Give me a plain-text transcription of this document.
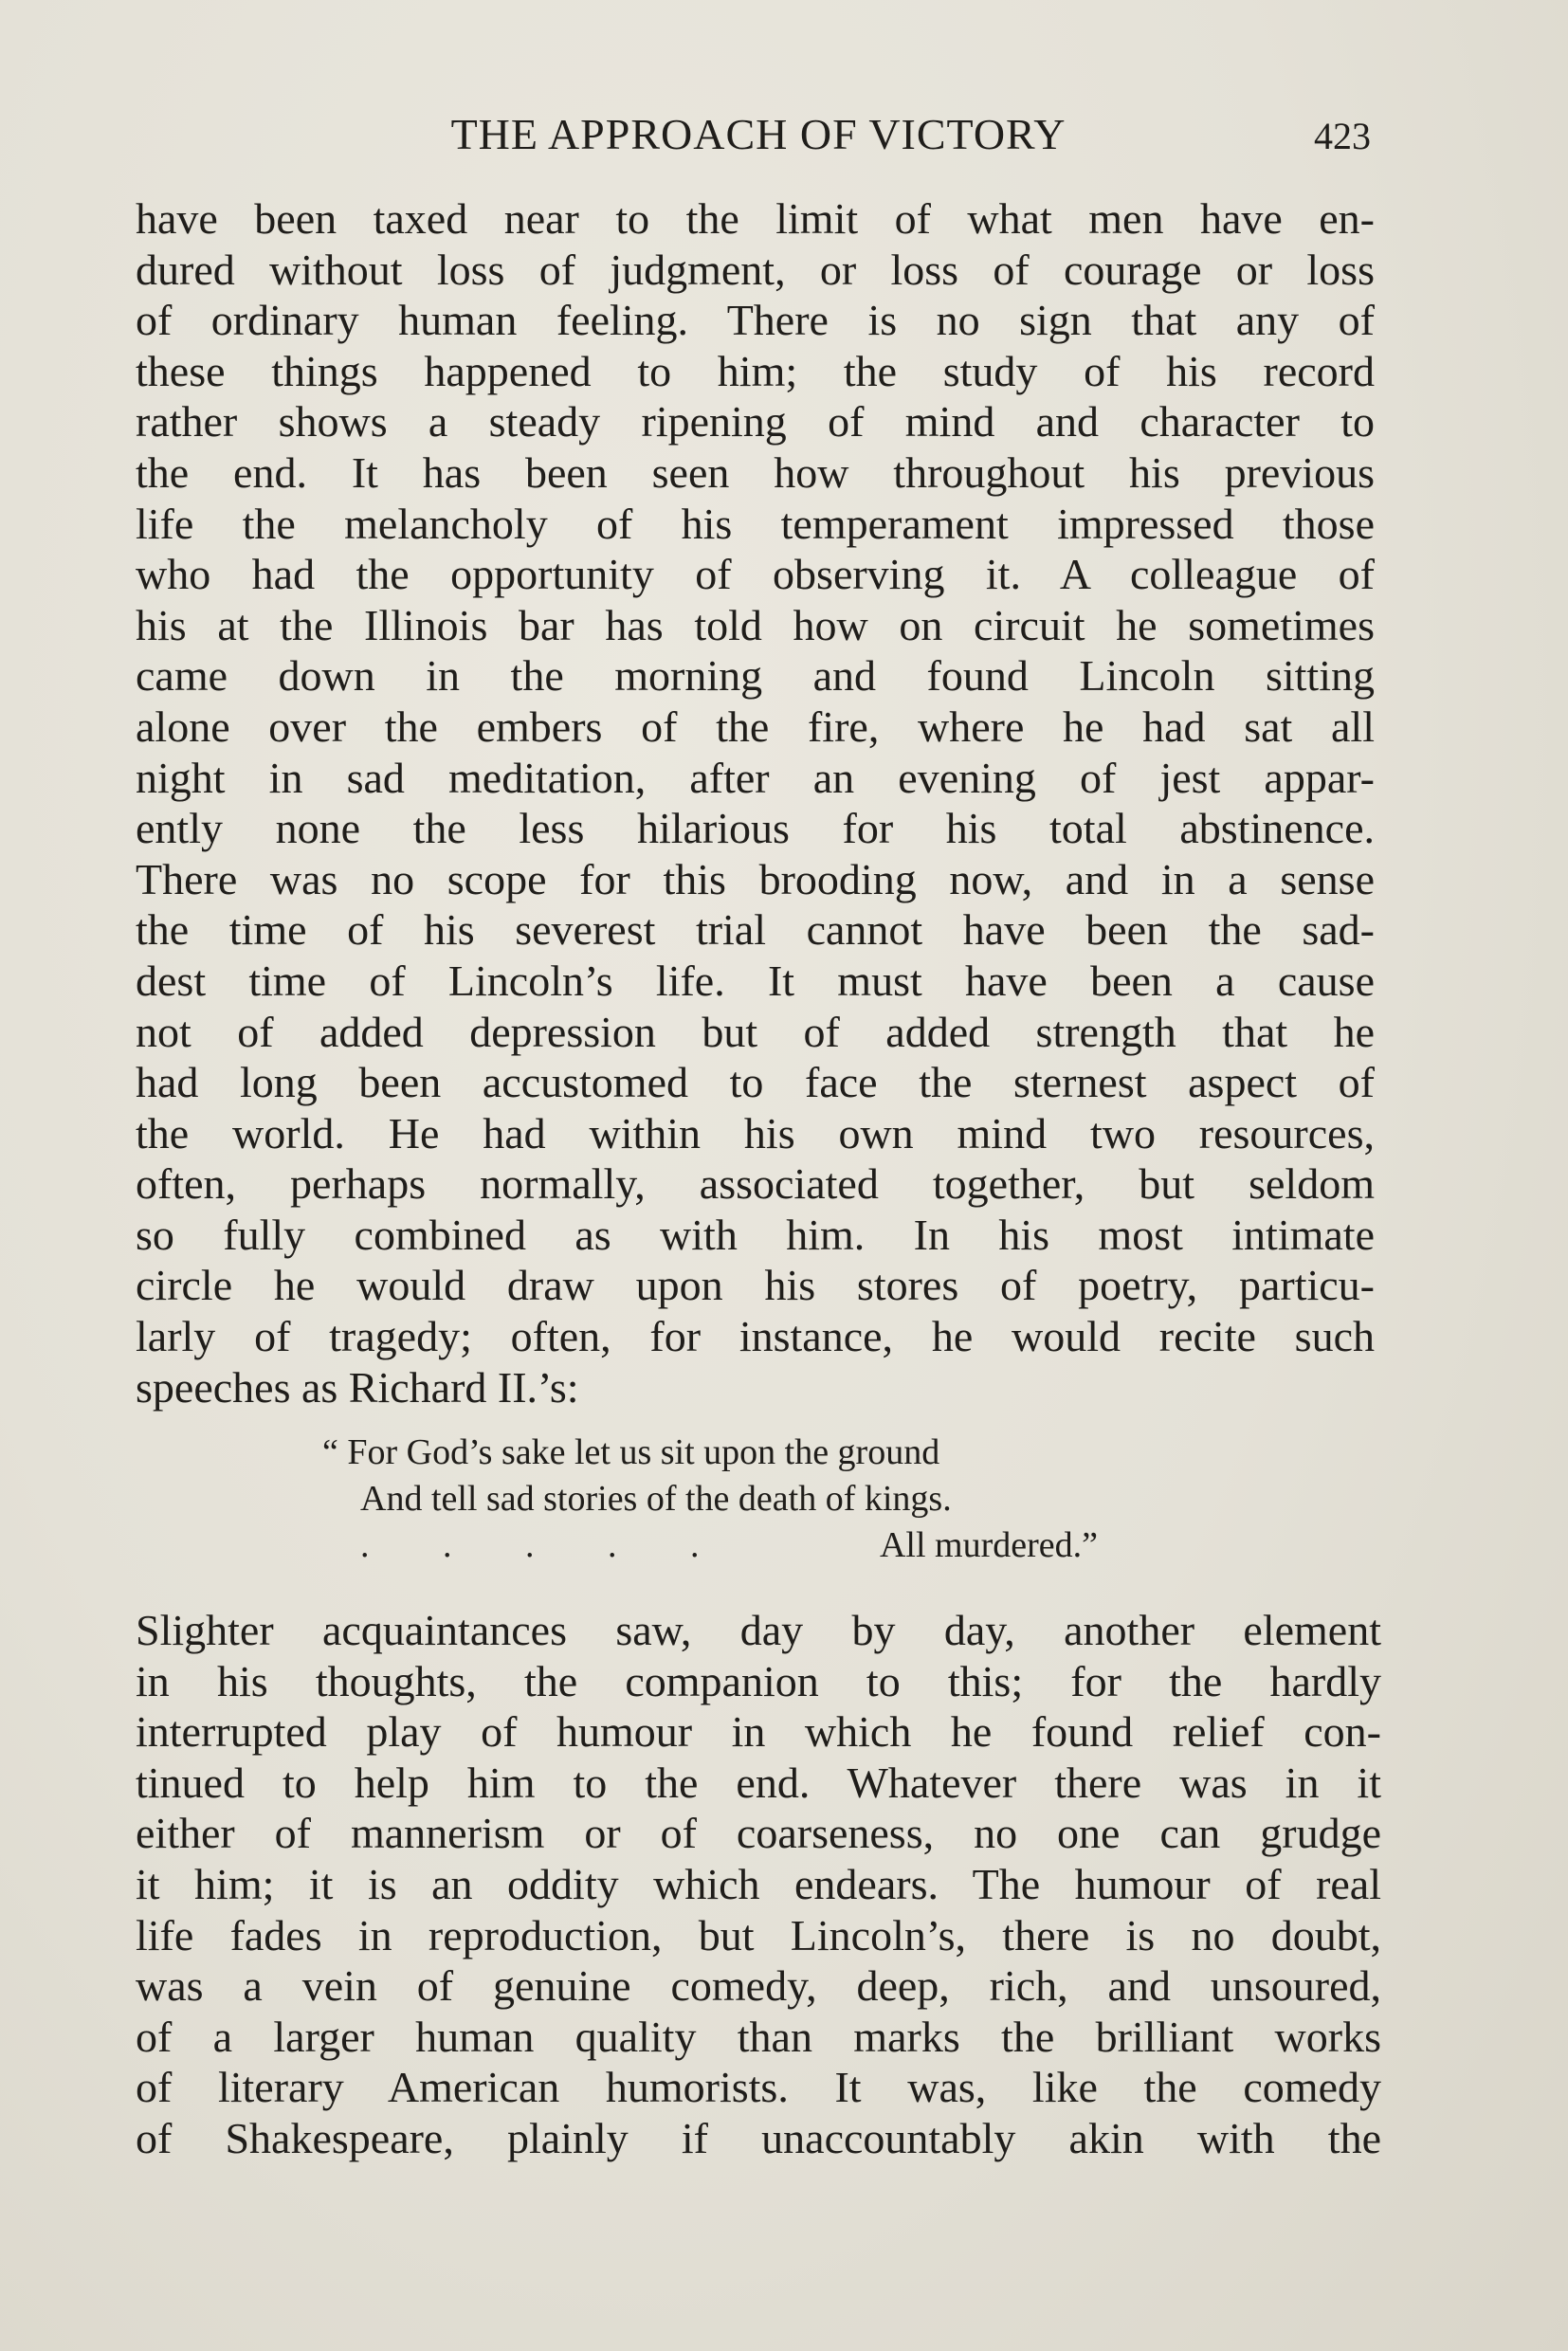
THE APPROACH OF VICTORY	423
have been taxed near to the limit of what men have en-
dured without loss of judgment, or loss of courage or loss
of ordinary human feeling. There is no sign that any of
these things happened to him; the study of his record
rather shows a steady ripening of mind and character to
the end. It has been seen how throughout his previous
life the melancholy of his temperament impressed those
who had the opportunity of observing it. A colleague of
his at the Illinois bar has told how on circuit he sometimes
came down in the morning and found Lincoln sitting
alone over the embers of the fire, where he had sat all
night in sad meditation, after an evening of jest appar-
ently none the less hilarious for his total abstinence.
There was no scope for this brooding now, and in a sense
the time of his severest trial cannot have been the sad-
dest time of Lincoln’s life. It must have been a cause
not of added depression but of added strength that he
had long been accustomed to face the sternest aspect of
the world. He had within his own mind two resources,
often, perhaps normally, associated together, but seldom
so fully combined as with him. In his most intimate
circle he would draw upon his stores of poetry, particu-
larly of tragedy; often, for instance, he would recite such
speeches as Richard II.’s:
“ For God’s sake let us sit upon the ground
And tell sad stories of the death of kings.
. . . . .	All murdered.”
Slighter acquaintances saw, day by day, another element
in his thoughts, the companion to this; for the hardly
interrupted play of humour in which he found relief con-
tinued to help him to the end. Whatever there was in it
either of mannerism or of coarseness, no one can grudge
it him; it is an oddity which endears. The humour of real
life fades in reproduction, but Lincoln’s, there is no doubt,
was a vein of genuine comedy, deep, rich, and unsoured,
of a larger human quality than marks the brilliant works
of literary American humorists. It was, like the comedy
of Shakespeare, plainly if unaccountably akin with the
